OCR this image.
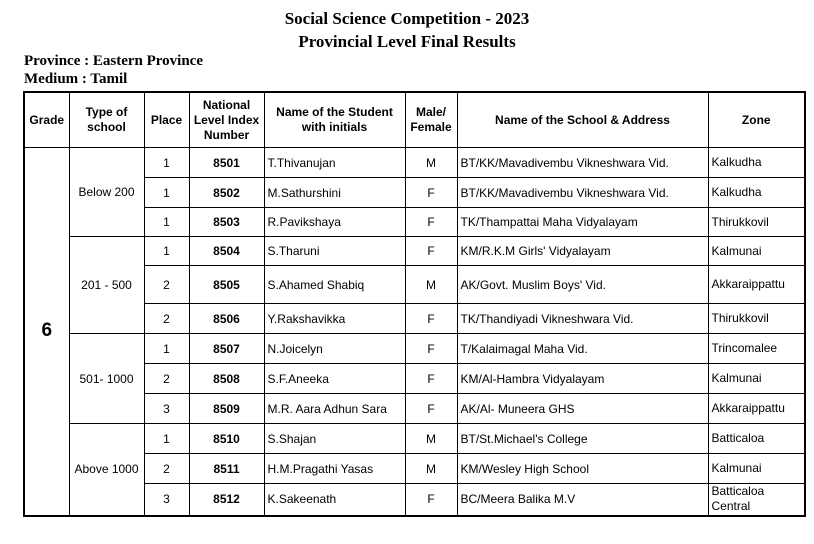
Social Science Competition - 2023
Provincial Level Final Results
Province : Eastern Province
Medium : Tamil
Grade	Type of school	Place	National Level Index Number	Name of the Student with initials	Male/ Female	Name of the School & Address	Zone
6	Below 200	1	8501	T.Thivanujan	M	BT/KK/Mavadivembu Vikneshwara Vid.	Kalkudha
		1	8502	M.Sathurshini	F	BT/KK/Mavadivembu Vikneshwara Vid.	Kalkudha
		1	8503	R.Pavikshaya	F	TK/Thampattai Maha Vidyalayam	Thirukkovil
	201 - 500	1	8504	S.Tharuni	F	KM/R.K.M Girls' Vidyalayam	Kalmunai
		2	8505	S.Ahamed Shabiq	M	AK/Govt. Muslim Boys' Vid.	Akkaraippattu
		2	8506	Y.Rakshavikka	F	TK/Thandiyadi Vikneshwara Vid.	Thirukkovil
	501- 1000	1	8507	N.Joicelyn	F	T/Kalaimagal Maha Vid.	Trincomalee
		2	8508	S.F.Aneeka	F	KM/Al-Hambra Vidyalayam	Kalmunai
		3	8509	M.R. Aara Adhun Sara	F	AK/Al- Muneera GHS	Akkaraippattu
	Above 1000	1	8510	S.Shajan	M	BT/St.Michael's College	Batticaloa
		2	8511	H.M.Pragathi Yasas	M	KM/Wesley High School	Kalmunai
		3	8512	K.Sakeenath	F	BC/Meera Balika M.V	Batticaloa Central
